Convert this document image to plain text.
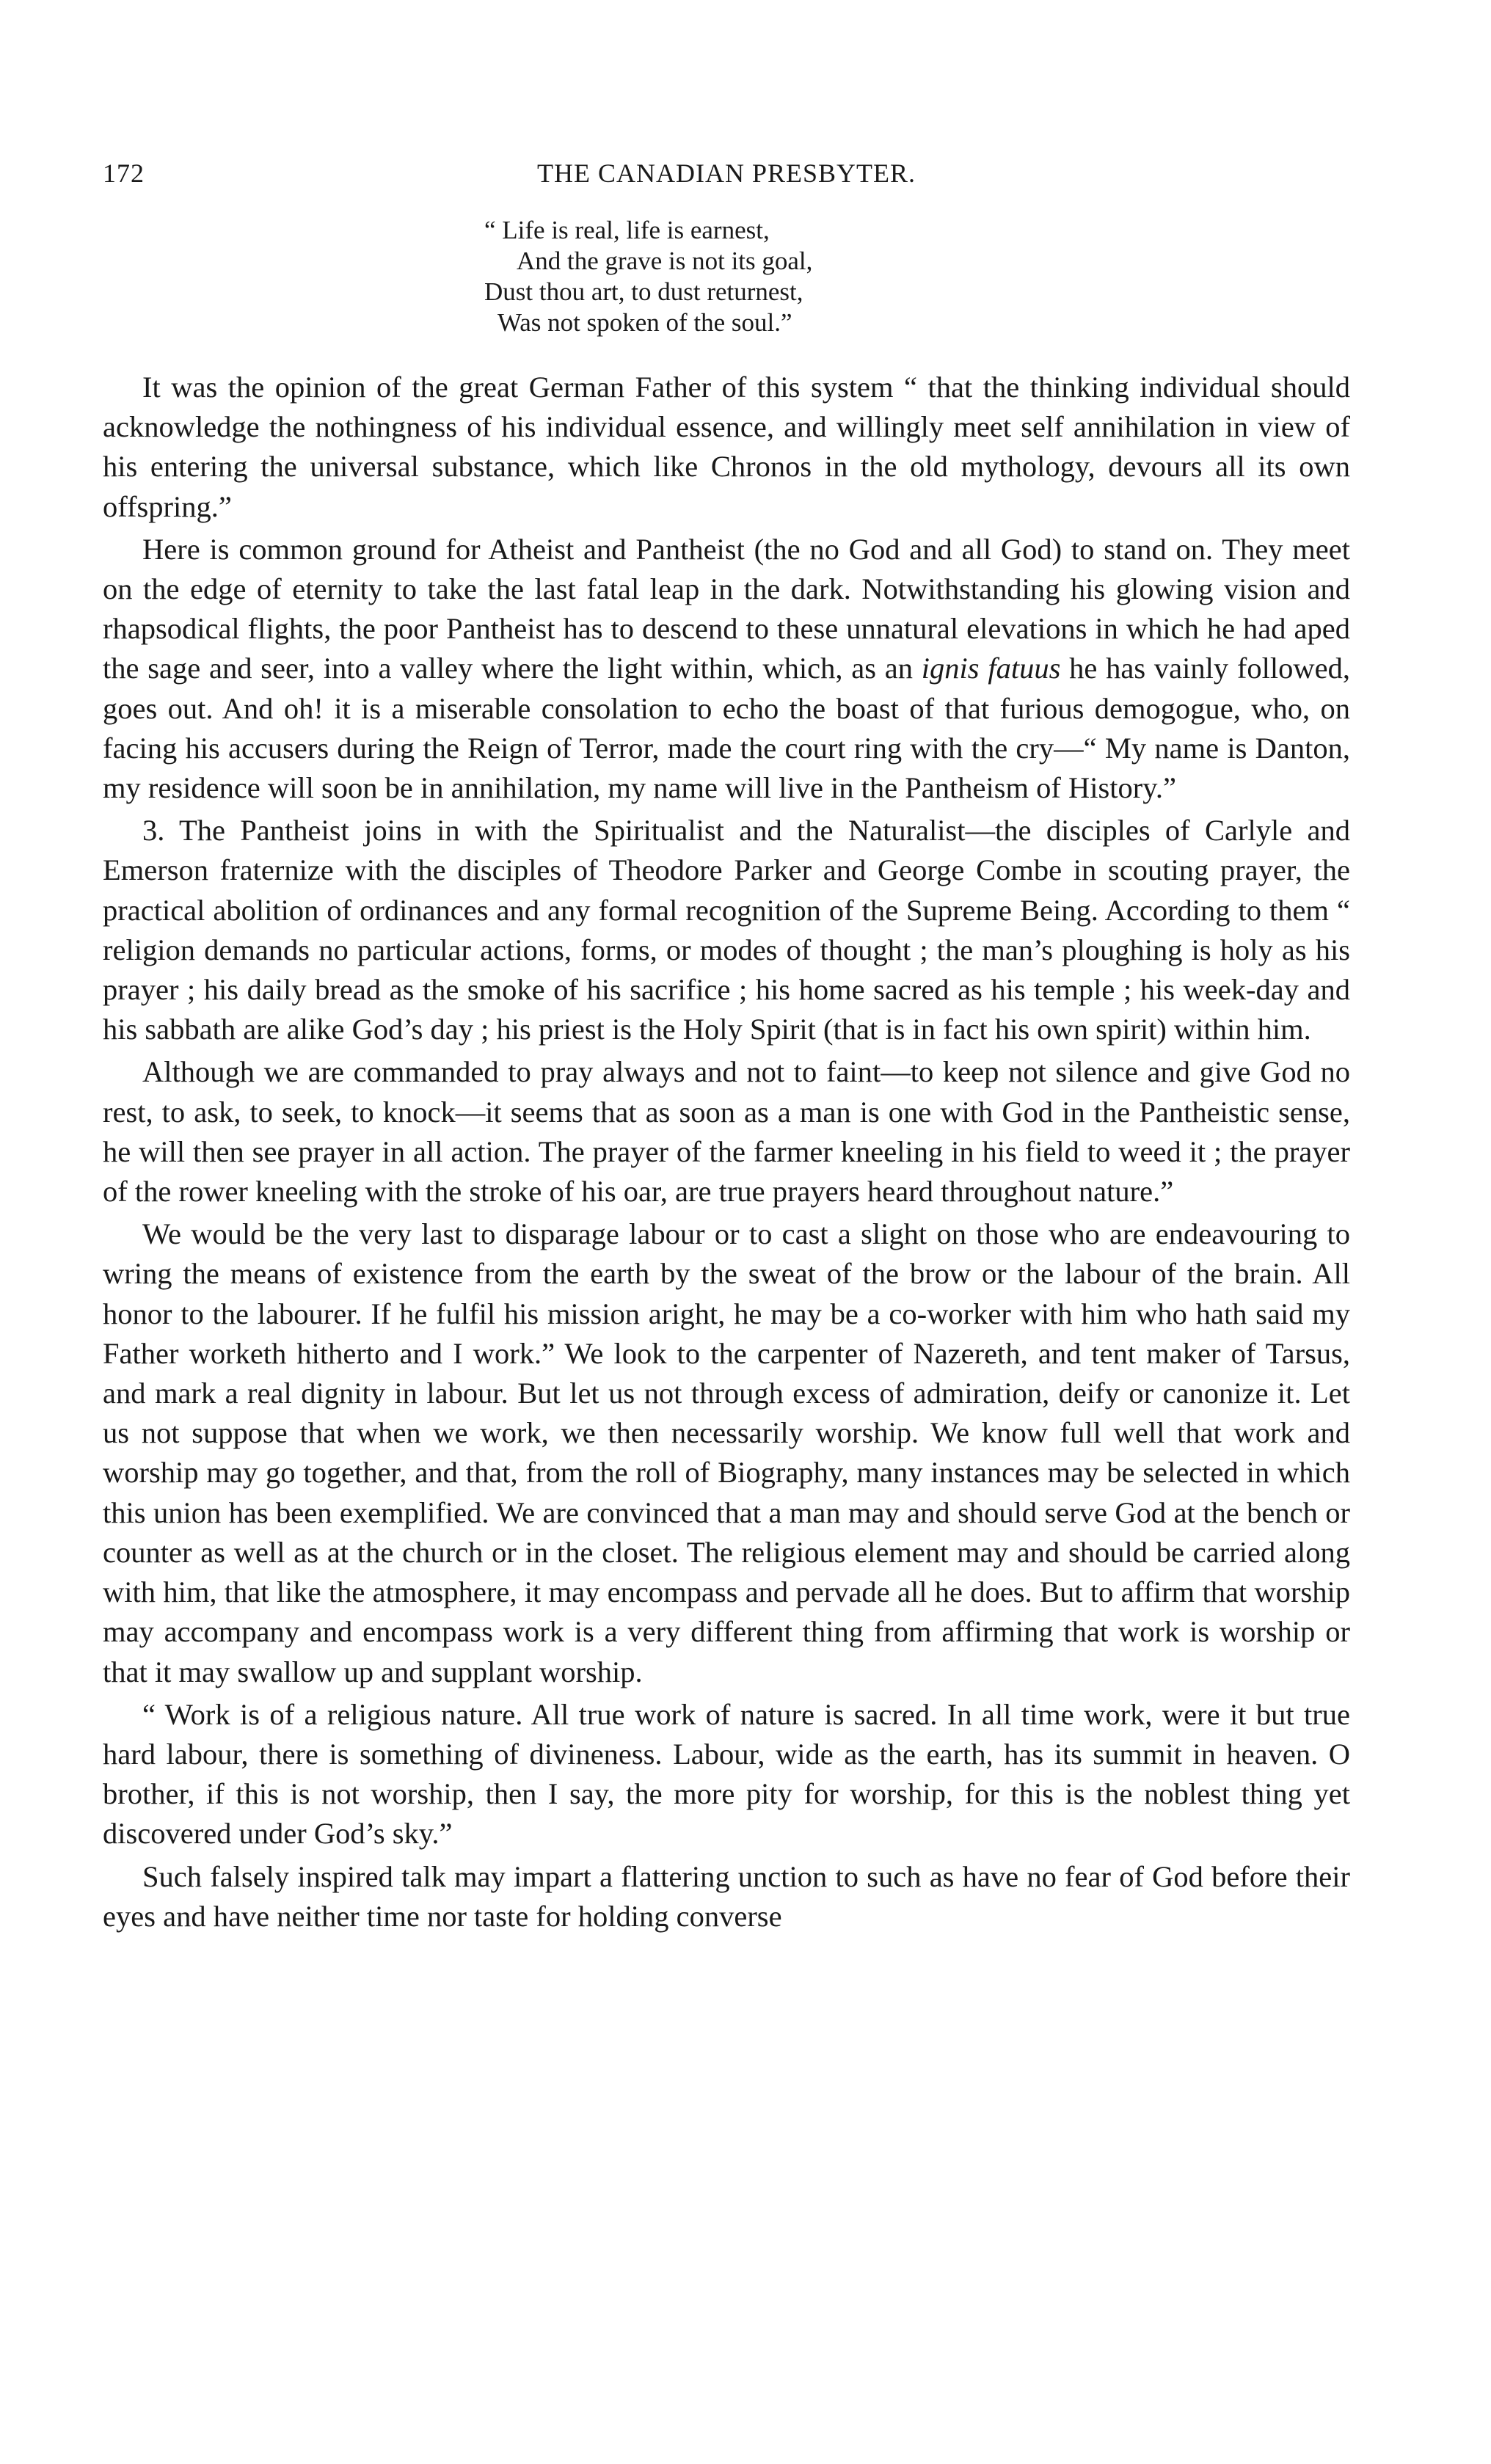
172	THE CANADIAN PRESBYTER.
“ Life is real, life is earnest,
And the grave is not its goal,
Dust thou art, to dust returnest,
Was not spoken of the soul.”

It was the opinion of the great German Father of this system “ that the thinking individual should acknowledge the nothingness of his individual essence, and willingly meet self annihilation in view of his entering the universal substance, which like Chronos in the old mythology, devours all its own offspring.”

Here is common ground for Atheist and Pantheist (the no God and all God) to stand on. They meet on the edge of eternity to take the last fatal leap in the dark. Notwithstanding his glowing vision and rhapsodical flights, the poor Pantheist has to descend to these unnatural elevations in which he had aped the sage and seer, into a valley where the light within, which, as an ignis fatuus he has vainly followed, goes out. And oh! it is a miserable consolation to echo the boast of that furious demogogue, who, on facing his accusers during the Reign of Terror, made the court ring with the cry—“ My name is Danton, my residence will soon be in annihilation, my name will live in the Pantheism of History.”

3. The Pantheist joins in with the Spiritualist and the Naturalist—the disciples of Carlyle and Emerson fraternize with the disciples of Theodore Parker and George Combe in scouting prayer, the practical abolition of ordinances and any formal recognition of the Supreme Being. According to them “ religion demands no particular actions, forms, or modes of thought ; the man’s ploughing is holy as his prayer ; his daily bread as the smoke of his sacrifice ; his home sacred as his temple ; his week-day and his sabbath are alike God’s day ; his priest is the Holy Spirit (that is in fact his own spirit) within him.

Although we are commanded to pray always and not to faint—to keep not silence and give God no rest, to ask, to seek, to knock—it seems that as soon as a man is one with God in the Pantheistic sense, he will then see prayer in all action. The prayer of the farmer kneeling in his field to weed it ; the prayer of the rower kneeling with the stroke of his oar, are true prayers heard throughout nature.”

We would be the very last to disparage labour or to cast a slight on those who are endeavouring to wring the means of existence from the earth by the sweat of the brow or the labour of the brain. All honor to the labourer. If he fulfil his mission aright, he may be a co-worker with him who hath said my Father worketh hitherto and I work.” We look to the carpenter of Nazereth, and tent maker of Tarsus, and mark a real dignity in labour. But let us not through excess of admiration, deify or canonize it. Let us not suppose that when we work, we then necessarily worship. We know full well that work and worship may go together, and that, from the roll of Biography, many instances may be selected in which this union has been exemplified. We are convinced that a man may and should serve God at the bench or counter as well as at the church or in the closet. The religious element may and should be carried along with him, that like the atmosphere, it may encompass and pervade all he does. But to affirm that worship may accompany and encompass work is a very different thing from affirming that work is worship or that it may swallow up and supplant worship.

“ Work is of a religious nature. All true work of nature is sacred. In all time work, were it but true hard labour, there is something of divineness. Labour, wide as the earth, has its summit in heaven. O brother, if this is not worship, then I say, the more pity for worship, for this is the noblest thing yet discovered under God’s sky.”

Such falsely inspired talk may impart a flattering unction to such as have no fear of God before their eyes and have neither time nor taste for holding converse
